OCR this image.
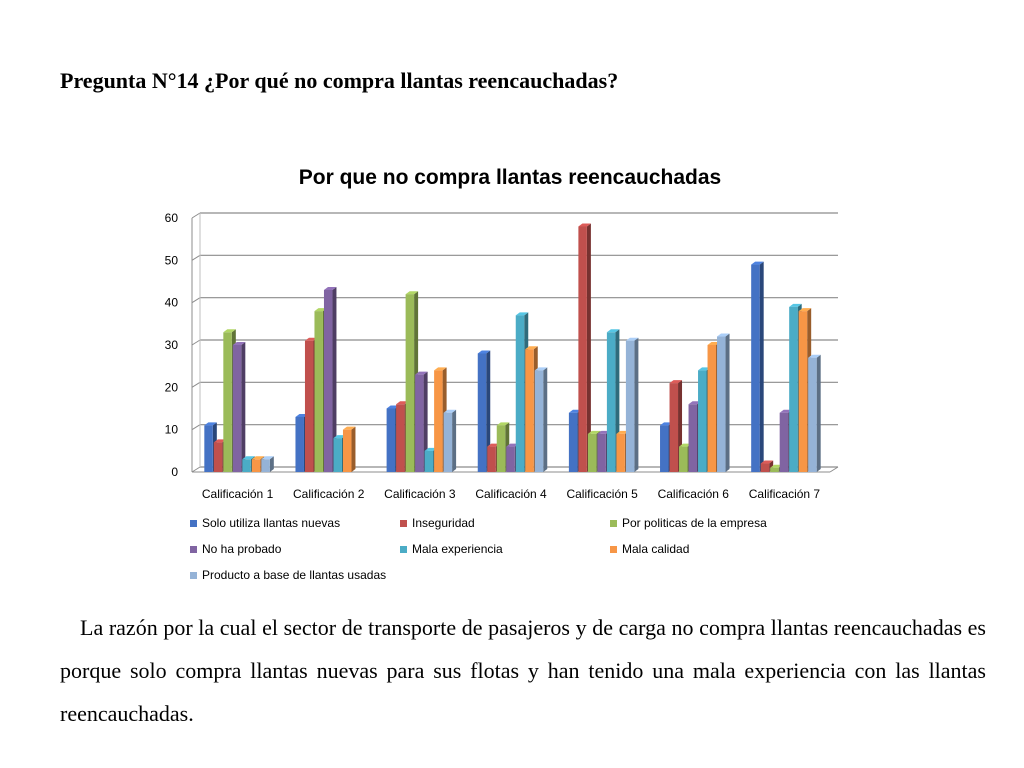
Pregunta N°14 ¿Por qué no compra llantas reencauchadas?
Por que no compra llantas reencauchadas
0
10
20
30
40
50
60
Calificación 1 Calificación 2 Calificación 3 Calificación 4 Calificación 5 Calificación 6 Calificación 7
Solo utiliza llantas nuevas	Inseguridad	Por politicas de la empresa
No ha probado	Mala experiencia	Mala calidad
Producto a base de llantas usadas
La razón por la cual el sector de transporte de pasajeros y de carga no compra llantas reencauchadas es porque solo compra llantas nuevas para sus flotas y han tenido una mala experiencia con las llantas reencauchadas.
